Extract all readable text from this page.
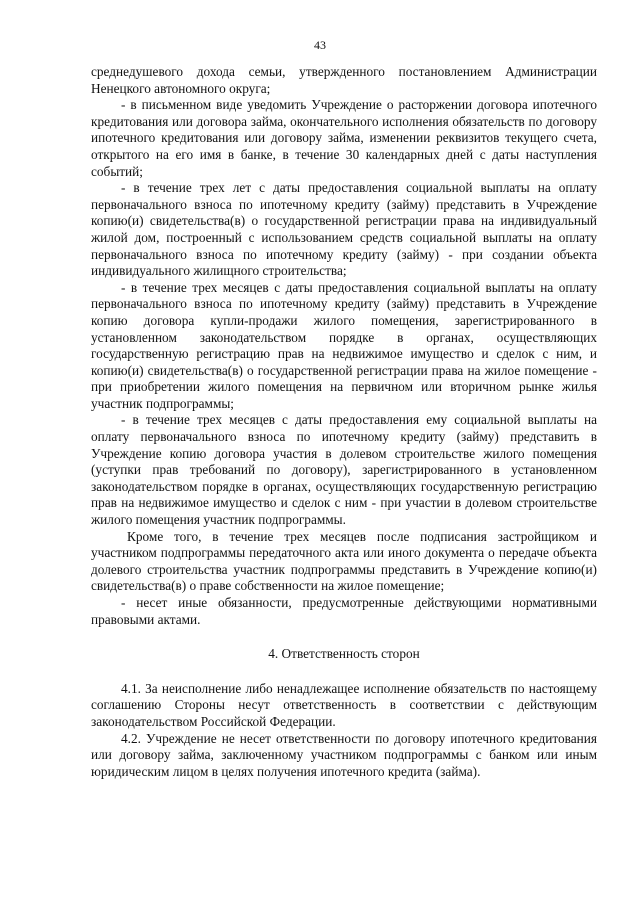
43

среднедушевого дохода семьи, утвержденного постановлением Администрации Ненецкого автономного округа;

- в письменном виде уведомить Учреждение о расторжении договора ипотечного кредитования или договора займа, окончательного исполнения обязательств по договору ипотечного кредитования или договору займа, изменении реквизитов текущего счета, открытого на его имя в банке, в течение 30 календарных дней с даты наступления событий;

- в течение трех лет с даты предоставления социальной выплаты на оплату первоначального взноса по ипотечному кредиту (займу) представить в Учреждение копию(и) свидетельства(в) о государственной регистрации права на индивидуальный жилой дом, построенный с использованием средств социальной выплаты на оплату первоначального взноса по ипотечному кредиту (займу) - при создании объекта индивидуального жилищного строительства;

- в течение трех месяцев с даты предоставления социальной выплаты на оплату первоначального взноса по ипотечному кредиту (займу) представить в Учреждение копию договора купли-продажи жилого помещения, зарегистрированного в установленном законодательством порядке в органах, осуществляющих государственную регистрацию прав на недвижимое имущество и сделок с ним, и копию(и) свидетельства(в) о государственной регистрации права на жилое помещение - при приобретении жилого помещения на первичном или вторичном рынке жилья участник подпрограммы;

- в течение трех месяцев с даты предоставления ему социальной выплаты на оплату первоначального взноса по ипотечному кредиту (займу) представить в Учреждение копию договора участия в долевом строительстве жилого помещения (уступки прав требований по договору), зарегистрированного в установленном законодательством порядке в органах, осуществляющих государственную регистрацию прав на недвижимое имущество и сделок с ним - при участии в долевом строительстве жилого помещения участник подпрограммы.

Кроме того, в течение трех месяцев после подписания застройщиком и участником подпрограммы передаточного акта или иного документа о передаче объекта долевого строительства участник подпрограммы представить в Учреждение копию(и) свидетельства(в) о праве собственности на жилое помещение;

- несет иные обязанности, предусмотренные действующими нормативными правовыми актами.

4. Ответственность сторон

4.1. За неисполнение либо ненадлежащее исполнение обязательств по настоящему соглашению Стороны несут ответственность в соответствии с действующим законодательством Российской Федерации.

4.2. Учреждение не несет ответственности по договору ипотечного кредитования или договору займа, заключенному участником подпрограммы с банком или иным юридическим лицом в целях получения ипотечного кредита (займа).
